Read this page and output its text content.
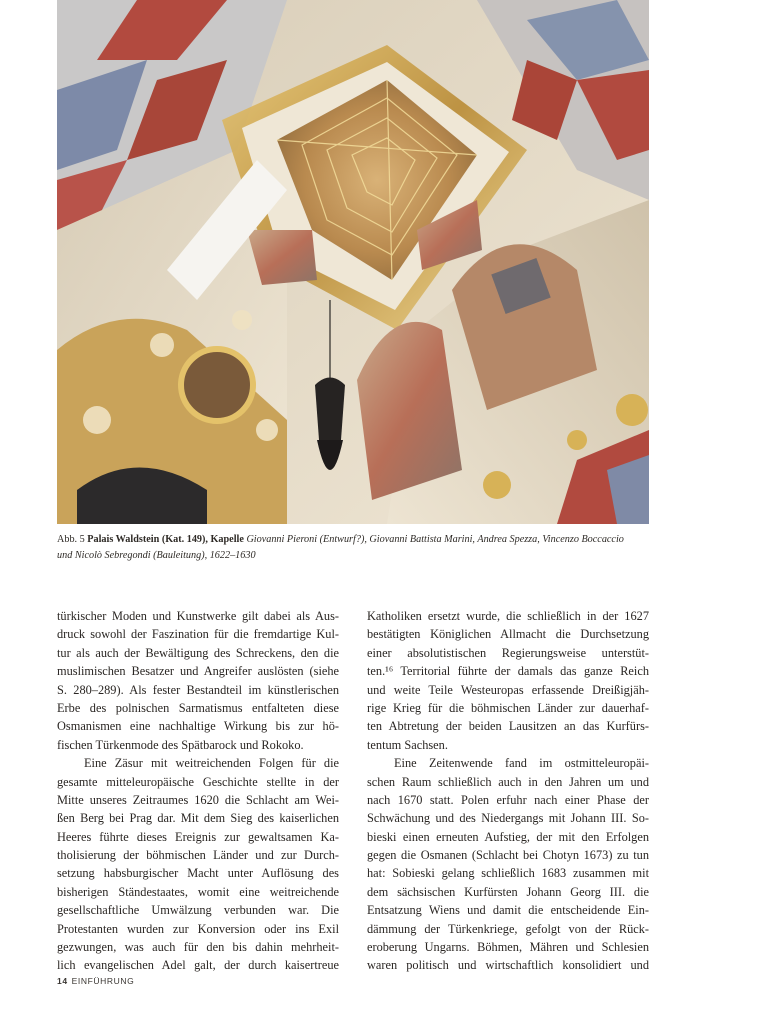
Abb. 5 Palais Waldstein (Kat. 149), Kapelle Giovanni Pieroni (Entwurf?), Giovanni Battista Marini, Andrea Spezza, Vincenzo Boccaccio
und Nicolò Sebregondi (Bauleitung), 1622–1630
türkischer Moden und Kunstwerke gilt dabei als Aus-
druck sowohl der Faszination für die fremdartige Kul-
tur als auch der Bewältigung des Schreckens, den die
muslimischen Besatzer und Angreifer auslösten (siehe
S. 280–289). Als fester Bestandteil im künstlerischen
Erbe des polnischen Sarmatismus entfalteten diese
Osmanismen eine nachhaltige Wirkung bis zur hö-
fischen Türkenmode des Spätbarock und Rokoko.
Eine Zäsur mit weitreichenden Folgen für die
gesamte mitteleuropäische Geschichte stellte in der
Mitte unseres Zeitraumes 1620 die Schlacht am Wei-
ßen Berg bei Prag dar. Mit dem Sieg des kaiserlichen
Heeres führte dieses Ereignis zur gewaltsamen Ka-
tholisierung der böhmischen Länder und zur Durch-
setzung habsburgischer Macht unter Auflösung des
bisherigen Ständestaates, womit eine weitreichende
gesellschaftliche Umwälzung verbunden war. Die
Protestanten wurden zur Konversion oder ins Exil
gezwungen, was auch für den bis dahin mehrheit-
lich evangelischen Adel galt, der durch kaisertreue
Katholiken ersetzt wurde, die schließlich in der 1627
bestätigten Königlichen Allmacht die Durchsetzung
einer absolutistischen Regierungsweise unterstüt-
ten.¹⁶ Territorial führte der damals das ganze Reich
und weite Teile Westeuropas erfassende Dreißigjäh-
rige Krieg für die böhmischen Länder zur dauerhaf-
ten Abtretung der beiden Lausitzen an das Kurfürs-
tentum Sachsen.
Eine Zeitenwende fand im ostmitteleuropäi-
schen Raum schließlich auch in den Jahren um und
nach 1670 statt. Polen erfuhr nach einer Phase der
Schwächung und des Niedergangs mit Johann III. So-
bieski einen erneuten Aufstieg, der mit den Erfolgen
gegen die Osmanen (Schlacht bei Chotyn 1673) zu tun
hat: Sobieski gelang schließlich 1683 zusammen mit
dem sächsischen Kurfürsten Johann Georg III. die
Entsatzung Wiens und damit die entscheidende Ein-
dämmung der Türkenkriege, gefolgt von der Rück-
eroberung Ungarns. Böhmen, Mähren und Schlesien
waren politisch und wirtschaftlich konsolidiert und
14 EINFÜHRUNG
